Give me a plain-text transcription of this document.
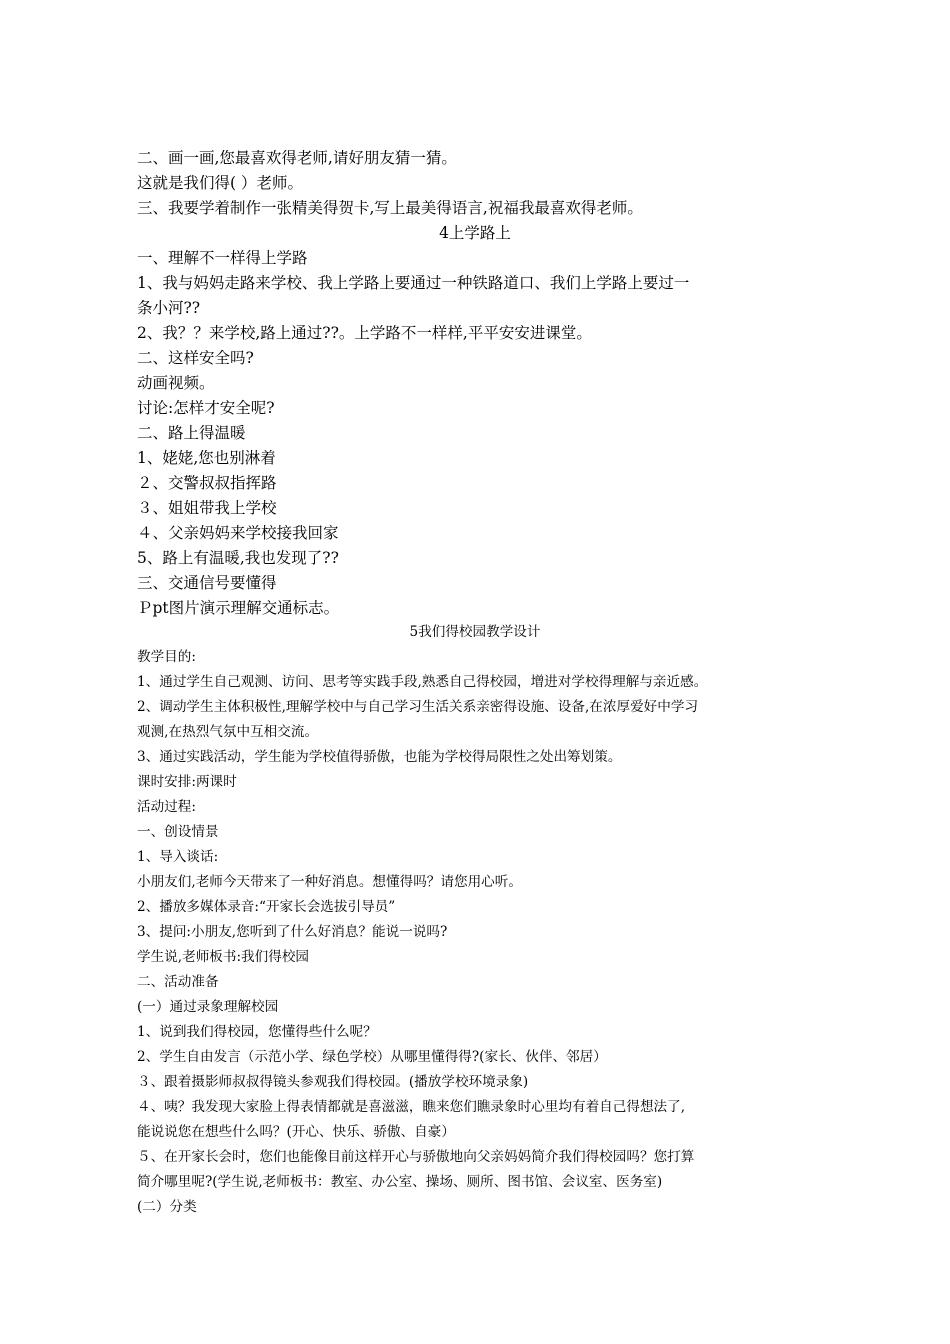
二、画一画,您最喜欢得老师,请好朋友猜一猜。
这就是我们得( ）老师。
三、我要学着制作一张精美得贺卡,写上最美得语言,祝福我最喜欢得老师。
4上学路上
一、理解不一样得上学路
1、我与妈妈走路来学校、我上学路上要通过一种铁路道口、我们上学路上要过一
条小河??
2、我？？来学校,路上通过??。上学路不一样样,平平安安进课堂。
二、这样安全吗?
动画视频。
讨论:怎样才安全呢?
二、路上得温暖
1、姥姥,您也别淋着
２、交警叔叔指挥路
３、姐姐带我上学校
４、父亲妈妈来学校接我回家
5、路上有温暖,我也发现了??
三、交通信号要懂得
Ｐpt图片演示理解交通标志。
5我们得校园教学设计
教学目的:
1、通过学生自己观测、访问、思考等实践手段,熟悉自己得校园，增进对学校得理解与亲近感。
2、调动学生主体积极性,理解学校中与自己学习生活关系亲密得设施、设备,在浓厚爱好中学习
观测,在热烈气氛中互相交流。
3、通过实践活动，学生能为学校值得骄傲，也能为学校得局限性之处出筹划策。
课时安排:两课时
活动过程:
一、创设情景
1、导入谈话:
小朋友们,老师今天带来了一种好消息。想懂得吗？请您用心听。
2、播放多媒体录音:“开家长会选拔引导员”
3、提问:小朋友,您听到了什么好消息？能说一说吗?
学生说,老师板书:我们得校园
二、活动准备
(一）通过录象理解校园
1、说到我们得校园，您懂得些什么呢？
2、学生自由发言（示范小学、绿色学校）从哪里懂得得?(家长、伙伴、邻居）
３、跟着摄影师叔叔得镜头参观我们得校园。(播放学校环境录象)
４、咦？我发现大家脸上得表情都就是喜滋滋，瞧来您们瞧录象时心里均有着自己得想法了,
能说说您在想些什么吗？(开心、快乐、骄傲、自豪）
５、在开家长会时，您们也能像目前这样开心与骄傲地向父亲妈妈简介我们得校园吗？您打算
简介哪里呢?(学生说,老师板书：教室、办公室、操场、厕所、图书馆、会议室、医务室)
(二）分类
